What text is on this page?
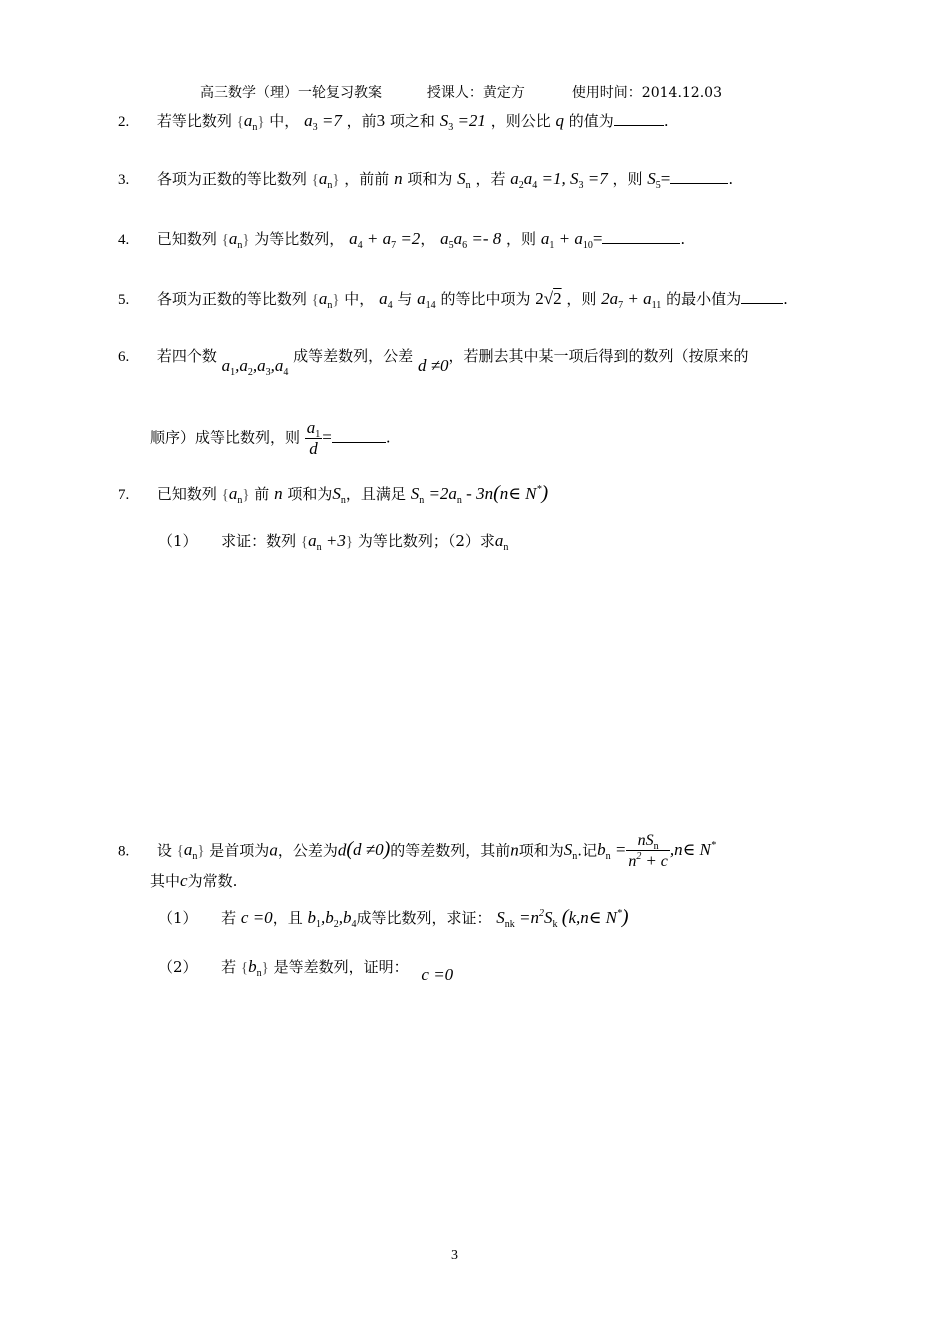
高三数学（理）一轮复习教案	授课人：黄定方	使用时间：2014.12.03
2. 若等比数列 $\{a_n\}$ 中， $a_3 =7$ ，前3 项之和 $S_3 =21$ ，则公比 q 的值为	.
3. 各项为正数的等比数列 $\{a_n\}$ ，前前 n 项和为 $S_n$ ，若 $a_2a_4 =1$, $S_3 =7$ ，则 $S_5=$	.
4. 已知数列 $\{a_n\}$ 为等比数列， $a_4 + a_7 =2$， $a_5a_6 =- 8$ ，则 $a_1 + a_{10}=$	.
5. 各项为正数的等比数列 $\{a_n\}$ 中， $a_4$ 与 $a_{14}$ 的等比中项为 2√2 ，则 $2a_7 + a_{11}$ 的最小值为	.
6. 若四个数 $a_1,a_2,a_3,a_4$ 成等差数列，公差 d ≠0，若删去其中某一项后得到的数列（按原来的
顺序）成等比数列，则 $\frac{a_1}{d}$ =	.
7. 已知数列 $\{a_n\}$ 前 n 项和为$S_n$，且满足 $S_n =2a_n$ - 3n(n∈ N*)
（1） 求证：数列 $\{a_n +3\}$ 为等比数列；（2）求$a_n$
8. 设 $\{a_n\}$ 是首项为a，公差为d(d ≠0)的等差数列，其前n项和为$S_n$.记$b_n = \frac{nS_n}{n^2 + c}$ ,n∈ N*
其中c为常数.
（1） 若 c =0，且 $b_1,b_2,b_4$成等比数列，求证： $S_{nk} =n^2S_k$ (k,n∈ N*)
（2） 若 $\{b_n\}$ 是等差数列，证明： c =0
3
